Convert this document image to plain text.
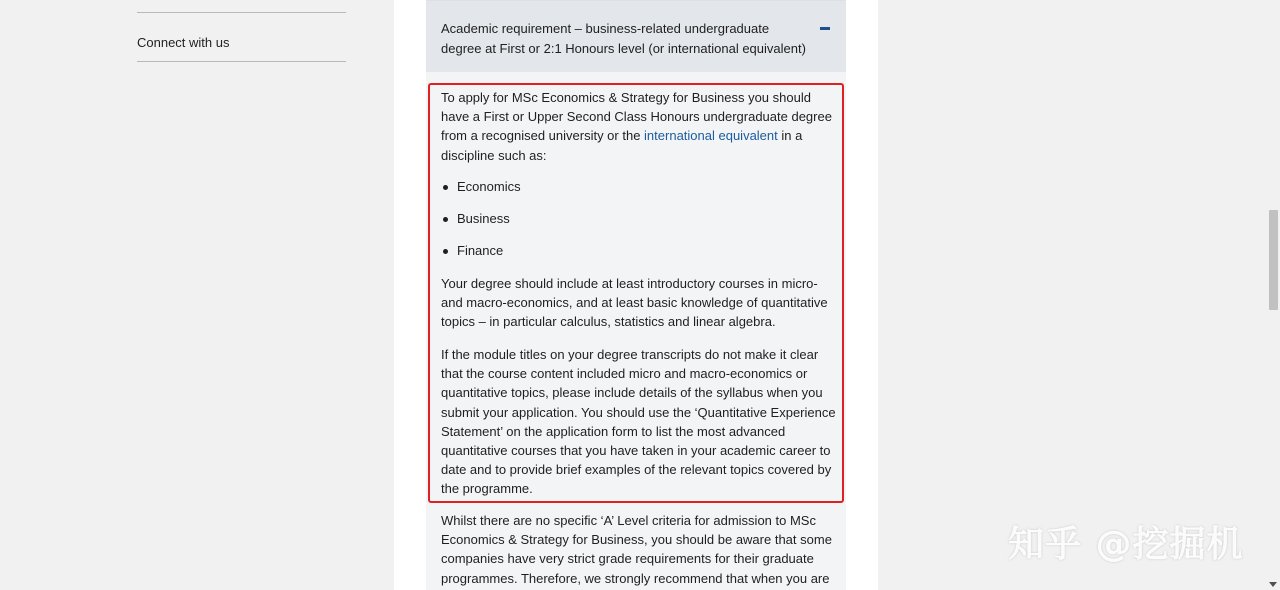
Connect with us
Academic requirement – business-related undergraduate degree at First or 2:1 Honours level (or international equivalent)
To apply for MSc Economics & Strategy for Business you should have a First or Upper Second Class Honours undergraduate degree from a recognised university or the international equivalent in a discipline such as:
Economics
Business
Finance
Your degree should include at least introductory courses in micro- and macro-economics, and at least basic knowledge of quantitative topics – in particular calculus, statistics and linear algebra.
If the module titles on your degree transcripts do not make it clear that the course content included micro and macro-economics or quantitative topics, please include details of the syllabus when you submit your application. You should use the ‘Quantitative Experience Statement’ on the application form to list the most advanced quantitative courses that you have taken in your academic career to date and to provide brief examples of the relevant topics covered by the programme.
Whilst there are no specific ‘A’ Level criteria for admission to MSc Economics & Strategy for Business, you should be aware that some companies have very strict grade requirements for their graduate programmes. Therefore, we strongly recommend that when you are
知乎 @挖掘机
